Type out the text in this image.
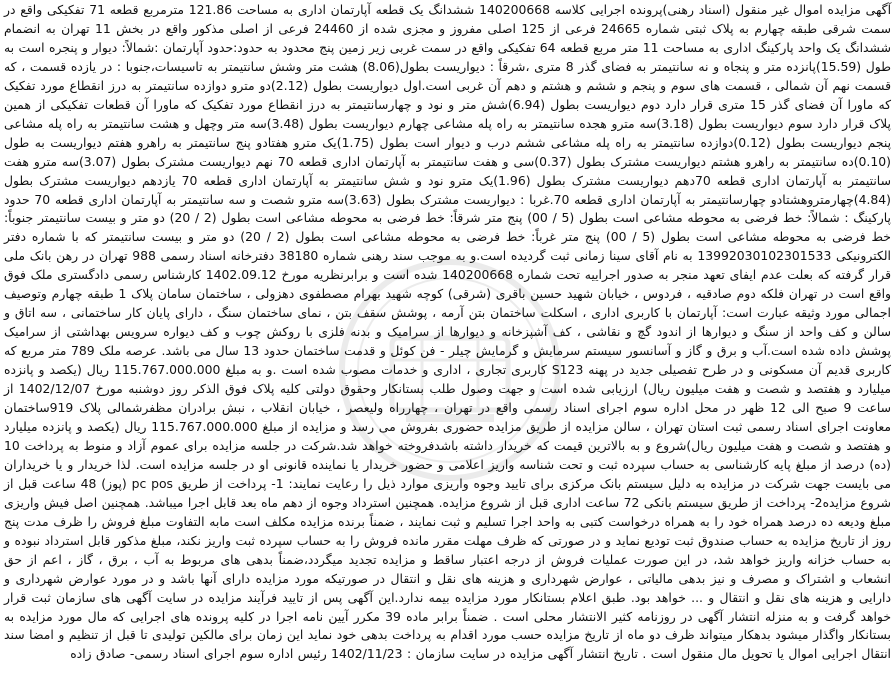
آگهی مزایده اموال غیر منقول (اسناد رهنی)پرونده اجرایی کلاسه 140200668 ششدانگ یک قطعه آپارتمان اداری به مساحت 121.86 مترمربع قطعه 71 تفکیکی واقع در سمت شرقی طبقه چهارم به پلاک ثبتی شماره 24665 فرعی از 125 اصلی مفروز و مجزی شده از 24460 فرعی از اصلی مذکور واقع در بخش 11 تهران به انضمام ششدانگ یک واحد پارکینگ اداری به مساحت 11 متر مربع قطعه 64 تفکیکی واقع در سمت غربی زیر زمین پنج محدود به حدود:حدود آپارتمان :شمالاً: دیوار و پنجره است به طول (15.59)پانزده متر و پنجاه و نه سانتیمتر به فضای گذر 8 متری ،شرقاً : دیواریست بطول(8.06) هشت متر وشش سانتیمتر به تاسیسات،جنوبا : در یازده قسمت ، که قسمت نهم آن شمالی ، قسمت های سوم و پنجم و ششم و هشتم و دهم آن غربی است.اول دیواریست بطول (2.12)دو مترو دوازده سانتیمتر به درز انقطاع مورد تفکیک که ماورا آن فضای گذر 15 متری قرار دارد دوم دیواریست بطول (6.94)شش متر و نود و چهارسانتیمتر به درز انقطاع مورد تفکیک که ماورا آن قطعات تفکیکی از همین پلاک قرار دارد سوم دیواریست بطول (3.18)سه مترو هجده سانتیمتر به راه پله مشاعی چهارم دیواریست بطول (3.48)سه متر وچهل و هشت سانتیمتر به راه پله مشاعی پنجم دیواریست بطول (0.12)دوازده سانتیمتر به راه پله مشاعی ششم درب و دیوار است بطول (1.75)یک مترو هفتادو پنج سانتیمتر به راهرو هفتم دیواریست به طول (0.10)ده سانتیمتر به راهرو هشتم دیواریست مشترک بطول (0.37)سی و هفت سانتیمتر به آپارتمان اداری قطعه 70 نهم دیواریست مشترک بطول (3.07)سه مترو هفت سانتیمتر به آپارتمان اداری قطعه 70دهم دیواریست مشترک بطول (1.96)یک مترو نود و شش سانتیمتر به آپارتمان اداری قطعه 70 یازدهم دیواریست مشترک بطول (4.84)چهارمتروهشتادو چهارسانتیمتر به آپارتمان اداری قطعه 70.غربا : دیواریست مشترک بطول (3.63)سه مترو شصت و سه سانتیمتر به آپارتمان اداری قطعه 70 حدود پارکینگ : شمالاً: خط فرضی به محوطه مشاعی است بطول (5 / 00) پنج متر شرقاً: خط فرضی به محوطه مشاعی است بطول (2 / 20) دو متر و بیست سانتیمتر جنوباً: خط فرضی به محوطه مشاعی است بطول (5 / 00) پنج متر غرباً: خط فرضی به محوطه مشاعی است بطول (2 / 20) دو متر و بیست سانتیمتر که با شماره دفتر الکترونیکی 13992030102301533 به نام آقای سینا زمانی ثبت گردیده است.و به موجب سند رهنی شماره 38180 دفترخانه اسناد رسمی 988 تهران در رهن بانک ملی قرار گرفته که بعلت عدم ایفای تعهد منجر به صدور اجراییه تحت شماره 140200668 شده است و برابرنظریه مورخ 1402.09.12 کارشناس رسمی دادگستری ملک فوق واقع است در تهران فلکه دوم صادقیه ، فردوس ، خیابان شهید حسین باقری (شرقی) کوچه شهید بهرام مصطفوی دهزولی ، ساختمان سامان پلاک 1 طبقه چهارم وتوصیف اجمالی مورد وثیقه عبارت است: آپارتمان با کاربری اداری ، اسکلت ساختمان بتن آرمه ، پوشش سقف بتن ، نمای ساختمان سنگ ، دارای پایان کار ساختمانی ، سه اتاق و سالن و کف واحد از سنگ و دیوارها از اندود گچ و نقاشی ، کف آشپزخانه و دیوارها از سرامیک و بدنه فلزی با روکش چوب و کف دیواره سرویس بهداشتی از سرامیک پوشش داده شده است.آب و برق و گاز و آسانسور سیستم سرمایش و گرمایش چیلر - فن کوئل و قدمت ساختمان حدود 13 سال می باشد. عرصه ملک 789 متر مربع که کاربری قدیم آن مسکونی و در طرح تفصیلی جدید در پهنه S123 کاربری تجاری ، اداری و خدمات مصوب شده است .و به مبلغ 115.767.000.000 ریال (یکصد و پانزده میلیارد و هفتصد و شصت و هفت میلیون ریال) ارزیابی شده است و جهت وصول طلب بستانکار وحقوق دولتی کلیه پلاک فوق الذکر روز دوشنبه مورخ 1402/12/07 از ساعت 9 صبح الی 12 ظهر در محل اداره سوم اجرای اسناد رسمی واقع در تهران ، چهارراه ولیعصر ، خیابان انقلاب ، نبش برادران مظفرشمالی پلاک 919ساختمان معاونت اجرای اسناد رسمی ثبت استان تهران ، سالن مزایده از طریق مزایده حضوری بفروش می رسد و مزایده از مبلغ 115.767.000.000 ریال (یکصد و پانزده میلیارد و هفتصد و شصت و هفت میلیون ریال)شروع و به بالاترین قیمت که خریدار داشته باشدفروخته خواهد شد.شرکت در جلسه مزایده برای عموم آزاد و منوط به پرداخت 10 (ده) درصد از مبلغ پایه کارشناسی به حساب سپرده ثبت و تحت شناسه واریز اعلامی و حضور خریدار یا نماینده قانونی او در جلسه مزایده است. لذا خریدار و یا خریداران می بایست جهت شرکت در مزایده به دلیل سیستم بانک مرکزی برای تایید وجوه واریزی موارد ذیل را رعایت نمایند: 1- پرداخت از طریق pc pos (پوز) 48 ساعت قبل از شروع مزایده2- پرداخت از طریق سیستم بانکی 72 ساعت اداری قبل از شروع مزایده. همچنین استرداد وجوه از دهم ماه بعد قابل اجرا میباشد. همچنین اصل فیش واریزی مبلغ ودیعه ده درصد همراه خود را به همراه درخواست کتبی به واحد اجرا تسلیم و ثبت نمایند ، ضمناً برنده مزایده مکلف است مابه التفاوت مبلغ فروش را ظرف مدت پنج روز از تاریخ مزایده به حساب صندوق ثبت تودیع نماید و در صورتی که ظرف مهلت مقرر مانده فروش را به حساب سپرده ثبت واریز نکند، مبلغ مذکور قابل استرداد نبوده و به حساب خزانه واریز خواهد شد، در این صورت عملیات فروش از درجه اعتبار ساقط و مزایده تجدید میگردد،ضمناً بدهی های مربوط به آب ، برق ، گاز ، اعم از حق انشعاب و اشتراک و مصرف و نیز بدهی مالیاتی ، عوارض شهرداری و هزینه های نقل و انتقال در صورتیکه مورد مزایده دارای آنها باشد و در مورد عوارض شهرداری و دارایی و هزینه های نقل و انتقال و ... خواهد بود. طبق اعلام بستانکار مورد مزایده بیمه ندارد.این آگهی پس از تایید فرآیند مزایده در سایت آگهی های سازمان ثبت قرار خواهد گرفت و به منزله انتشار آگهی در روزنامه کثیر الانتشار محلی است . ضمناً برابر ماده 39 مکرر آیین نامه اجرا در کلیه پرونده های اجرایی که مال مورد مزایده به بستانکار واگذار میشود بدهکار میتواند ظرف دو ماه از تاریخ مزایده حسب مورد اقدام به پرداخت بدهی خود نماید این زمان برای مالکین تولیدی تا قبل از تنظیم و امضا سند انتقال اجرایی اموال یا تحویل مال منقول است . تاریخ انتشار آگهی مزایده در سایت سازمان : 1402/11/23 رئیس اداره سوم اجرای اسناد رسمی- صادق زاده
